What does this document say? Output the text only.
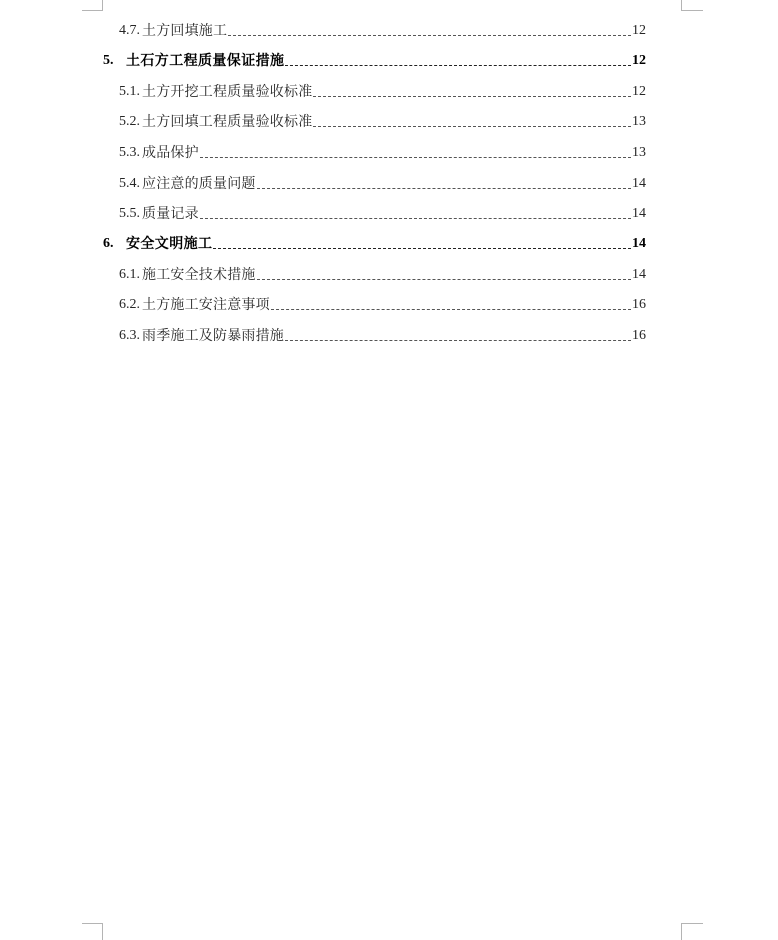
4.7. 土方回填施工	12
5. 土石方工程质量保证措施	12
5.1. 土方开挖工程质量验收标准	12
5.2. 土方回填工程质量验收标准	13
5.3. 成品保护	13
5.4. 应注意的质量问题	14
5.5. 质量记录	14
6. 安全文明施工	14
6.1. 施工安全技术措施	14
6.2. 土方施工安注意事项	16
6.3. 雨季施工及防暴雨措施	16
